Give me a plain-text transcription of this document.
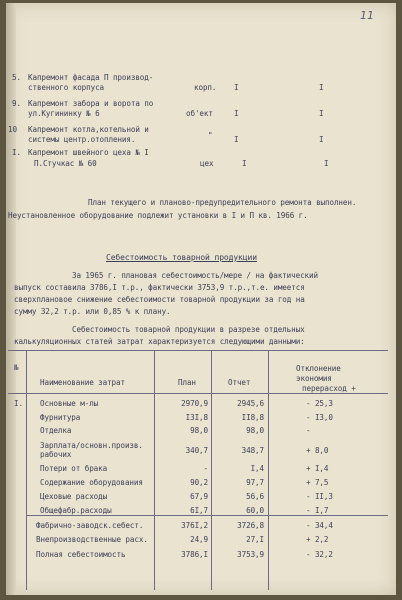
11
5. Капремонт фасада П производ-
ственного корпуса	корп. I	I
9. Капремонт забора и ворота по
ул.Кугининку № 6	об'ект	I	I
10 Капремонт котла,котельной и
системы центр.отопления.	"	I	I
I. Капремонт швейного цеха № I
П.Стучкас № 60	цех	I	I
План текущего и планово-предупредительного ремонта выполнен.
Неустановленное оборудование подлежит установки в I и П кв. 1966 г.
Себестоимость товарной продукции
За 1965 г. плановая себестоимость/мере / на фактический
выпуск составила 3786,I т.р., фактически 3753,9 т.р.,т.е. имеется
сверхплановое снижение себестоимости товарной продукции за год на
сумму 32,2 т.р. или 0,85 % к плану.
Себестоимость товарной продукции в разрезе отдельных
калькуляционных статей затрат характеризуется следующими данными:
№
Наименование затрат	План	Отчет
Отклонение
экономия
перерасход +
I. Основные м-лы	2970,9	2945,6	- 25,3
Фурнитура	I3I,8	II8,8	- I3,0
Отделка	98,0	98,0	-
Зарплата/основн.произв.
рабочих	340,7	348,7	+ 8,0
Потери от брака	-	I,4	+ I,4
Содержание оборудования	90,2	97,7	+ 7,5
Цеховые расходы	67,9	56,6	- II,3
Общефабр.расходы	6I,7	60,0	- I,7
Фабрично-заводск.себест.	376I,2	3726,8	- 34,4
Внепроизводственные расх.	24,9	27,I	+ 2,2
Полная себестоимость	3786,I	3753,9	- 32,2
